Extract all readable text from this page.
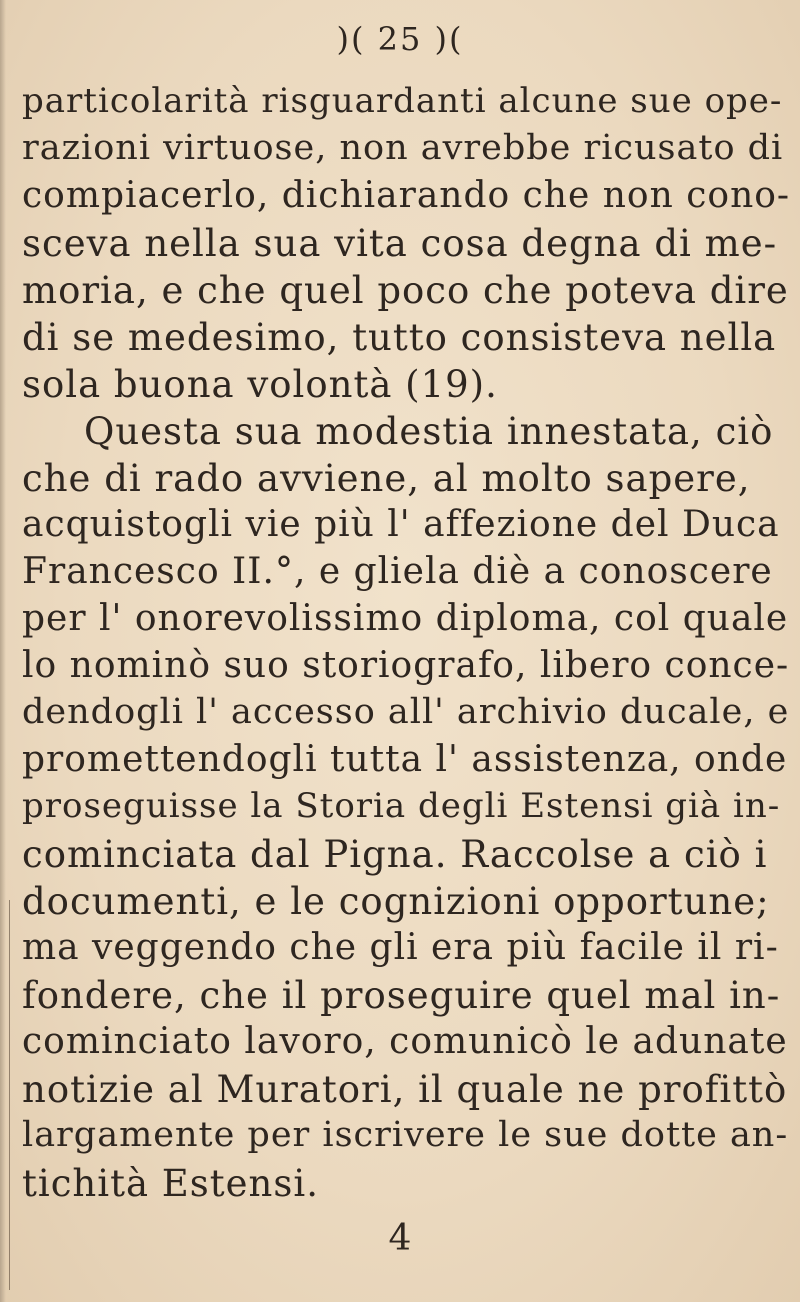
)( 25 )(
particolarità risguardanti alcune sue ope-
razioni virtuose, non avrebbe ricusato di
compiacerlo, dichiarando che non cono-
sceva nella sua vita cosa degna di me-
moria, e che quel poco che poteva dire
di se medesimo, tutto consisteva nella
sola buona volontà (19).
Questa sua modestia innestata, ciò
che di rado avviene, al molto sapere,
acquistogli vie più l' affezione del Duca
Francesco II.°, e gliela diè a conoscere
per l' onorevolissimo diploma, col quale
lo nominò suo storiografo, libero conce-
dendogli l' accesso all' archivio ducale, e
promettendogli tutta l' assistenza, onde
proseguisse la Storia degli Estensi già in-
cominciata dal Pigna. Raccolse a ciò i
documenti, e le cognizioni opportune;
ma veggendo che gli era più facile il ri-
fondere, che il proseguire quel mal in-
cominciato lavoro, comunicò le adunate
notizie al Muratori, il quale ne profittò
largamente per iscrivere le sue dotte an-
tichità Estensi.
4
